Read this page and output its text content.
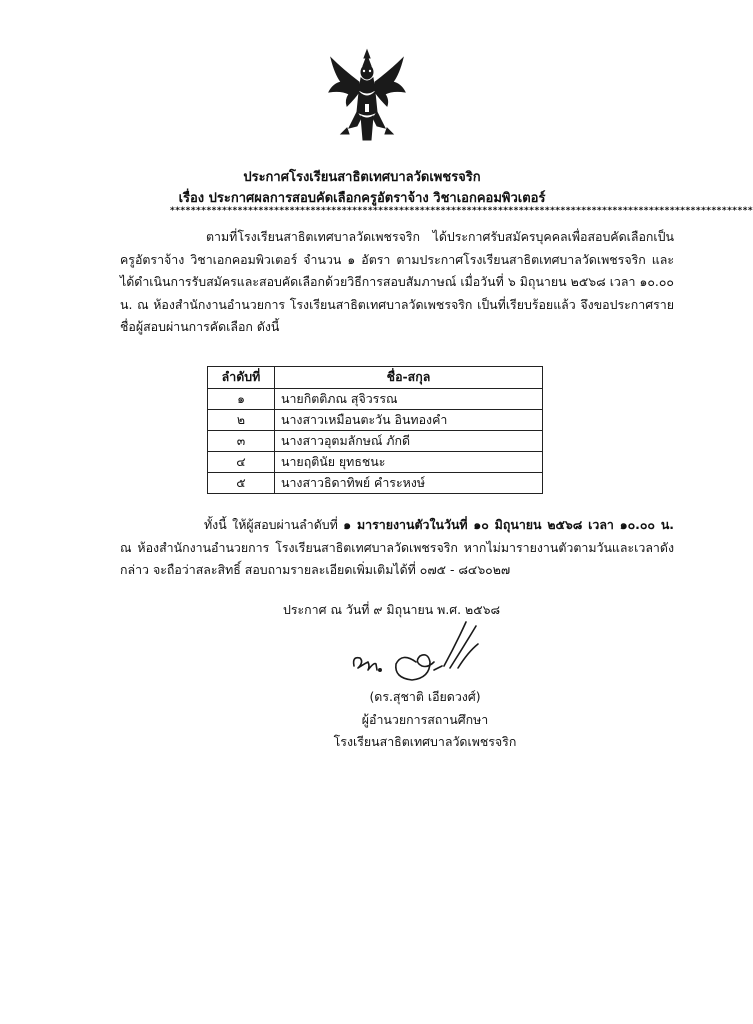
ประกาศโรงเรียนสาธิตเทศบาลวัดเพชรจริก
เรื่อง ประกาศผลการสอบคัดเลือกครูอัตราจ้าง วิชาเอกคอมพิวเตอร์
****************************************************************************************************************
ตามที่โรงเรียนสาธิตเทศบาลวัดเพชรจริก ได้ประกาศรับสมัครบุคคลเพื่อสอบคัดเลือกเป็นครูอัตราจ้าง วิชาเอกคอมพิวเตอร์ จำนวน ๑ อัตรา ตามประกาศโรงเรียนสาธิตเทศบาลวัดเพชรจริก และได้ดำเนินการรับสมัครและสอบคัดเลือกด้วยวิธีการสอบสัมภาษณ์ เมื่อวันที่ ๖ มิถุนายน ๒๕๖๘ เวลา ๑๐.๐๐ น. ณ ห้องสำนักงานอำนวยการ โรงเรียนสาธิตเทศบาลวัดเพชรจริก เป็นที่เรียบร้อยแล้ว จึงขอประกาศรายชื่อผู้สอบผ่านการคัดเลือก ดังนี้
ลำดับที่	ชื่อ-สกุล
๑	นายกิตติภณ สุจิวรรณ
๒	นางสาวเหมือนตะวัน อินทองคำ
๓	นางสาวอุตมลักษณ์ ภักดี
๔	นายฤตินัย ยุทธชนะ
๕	นางสาวธิดาทิพย์ คำระหงษ์
ทั้งนี้ ให้ผู้สอบผ่านลำดับที่ ๑ มารายงานตัวในวันที่ ๑๐ มิถุนายน ๒๕๖๘ เวลา ๑๐.๐๐ น. ณ ห้องสำนักงานอำนวยการ โรงเรียนสาธิตเทศบาลวัดเพชรจริก หากไม่มารายงานตัวตามวันและเวลาดังกล่าว จะถือว่าสละสิทธิ์ สอบถามรายละเอียดเพิ่มเติมได้ที่ ๐๗๕ - ๘๔๖๐๒๗
ประกาศ ณ วันที่ ๙ มิถุนายน พ.ศ. ๒๕๖๘
(ดร.สุชาติ เอียดวงศ์)
ผู้อำนวยการสถานศึกษา
โรงเรียนสาธิตเทศบาลวัดเพชรจริก
